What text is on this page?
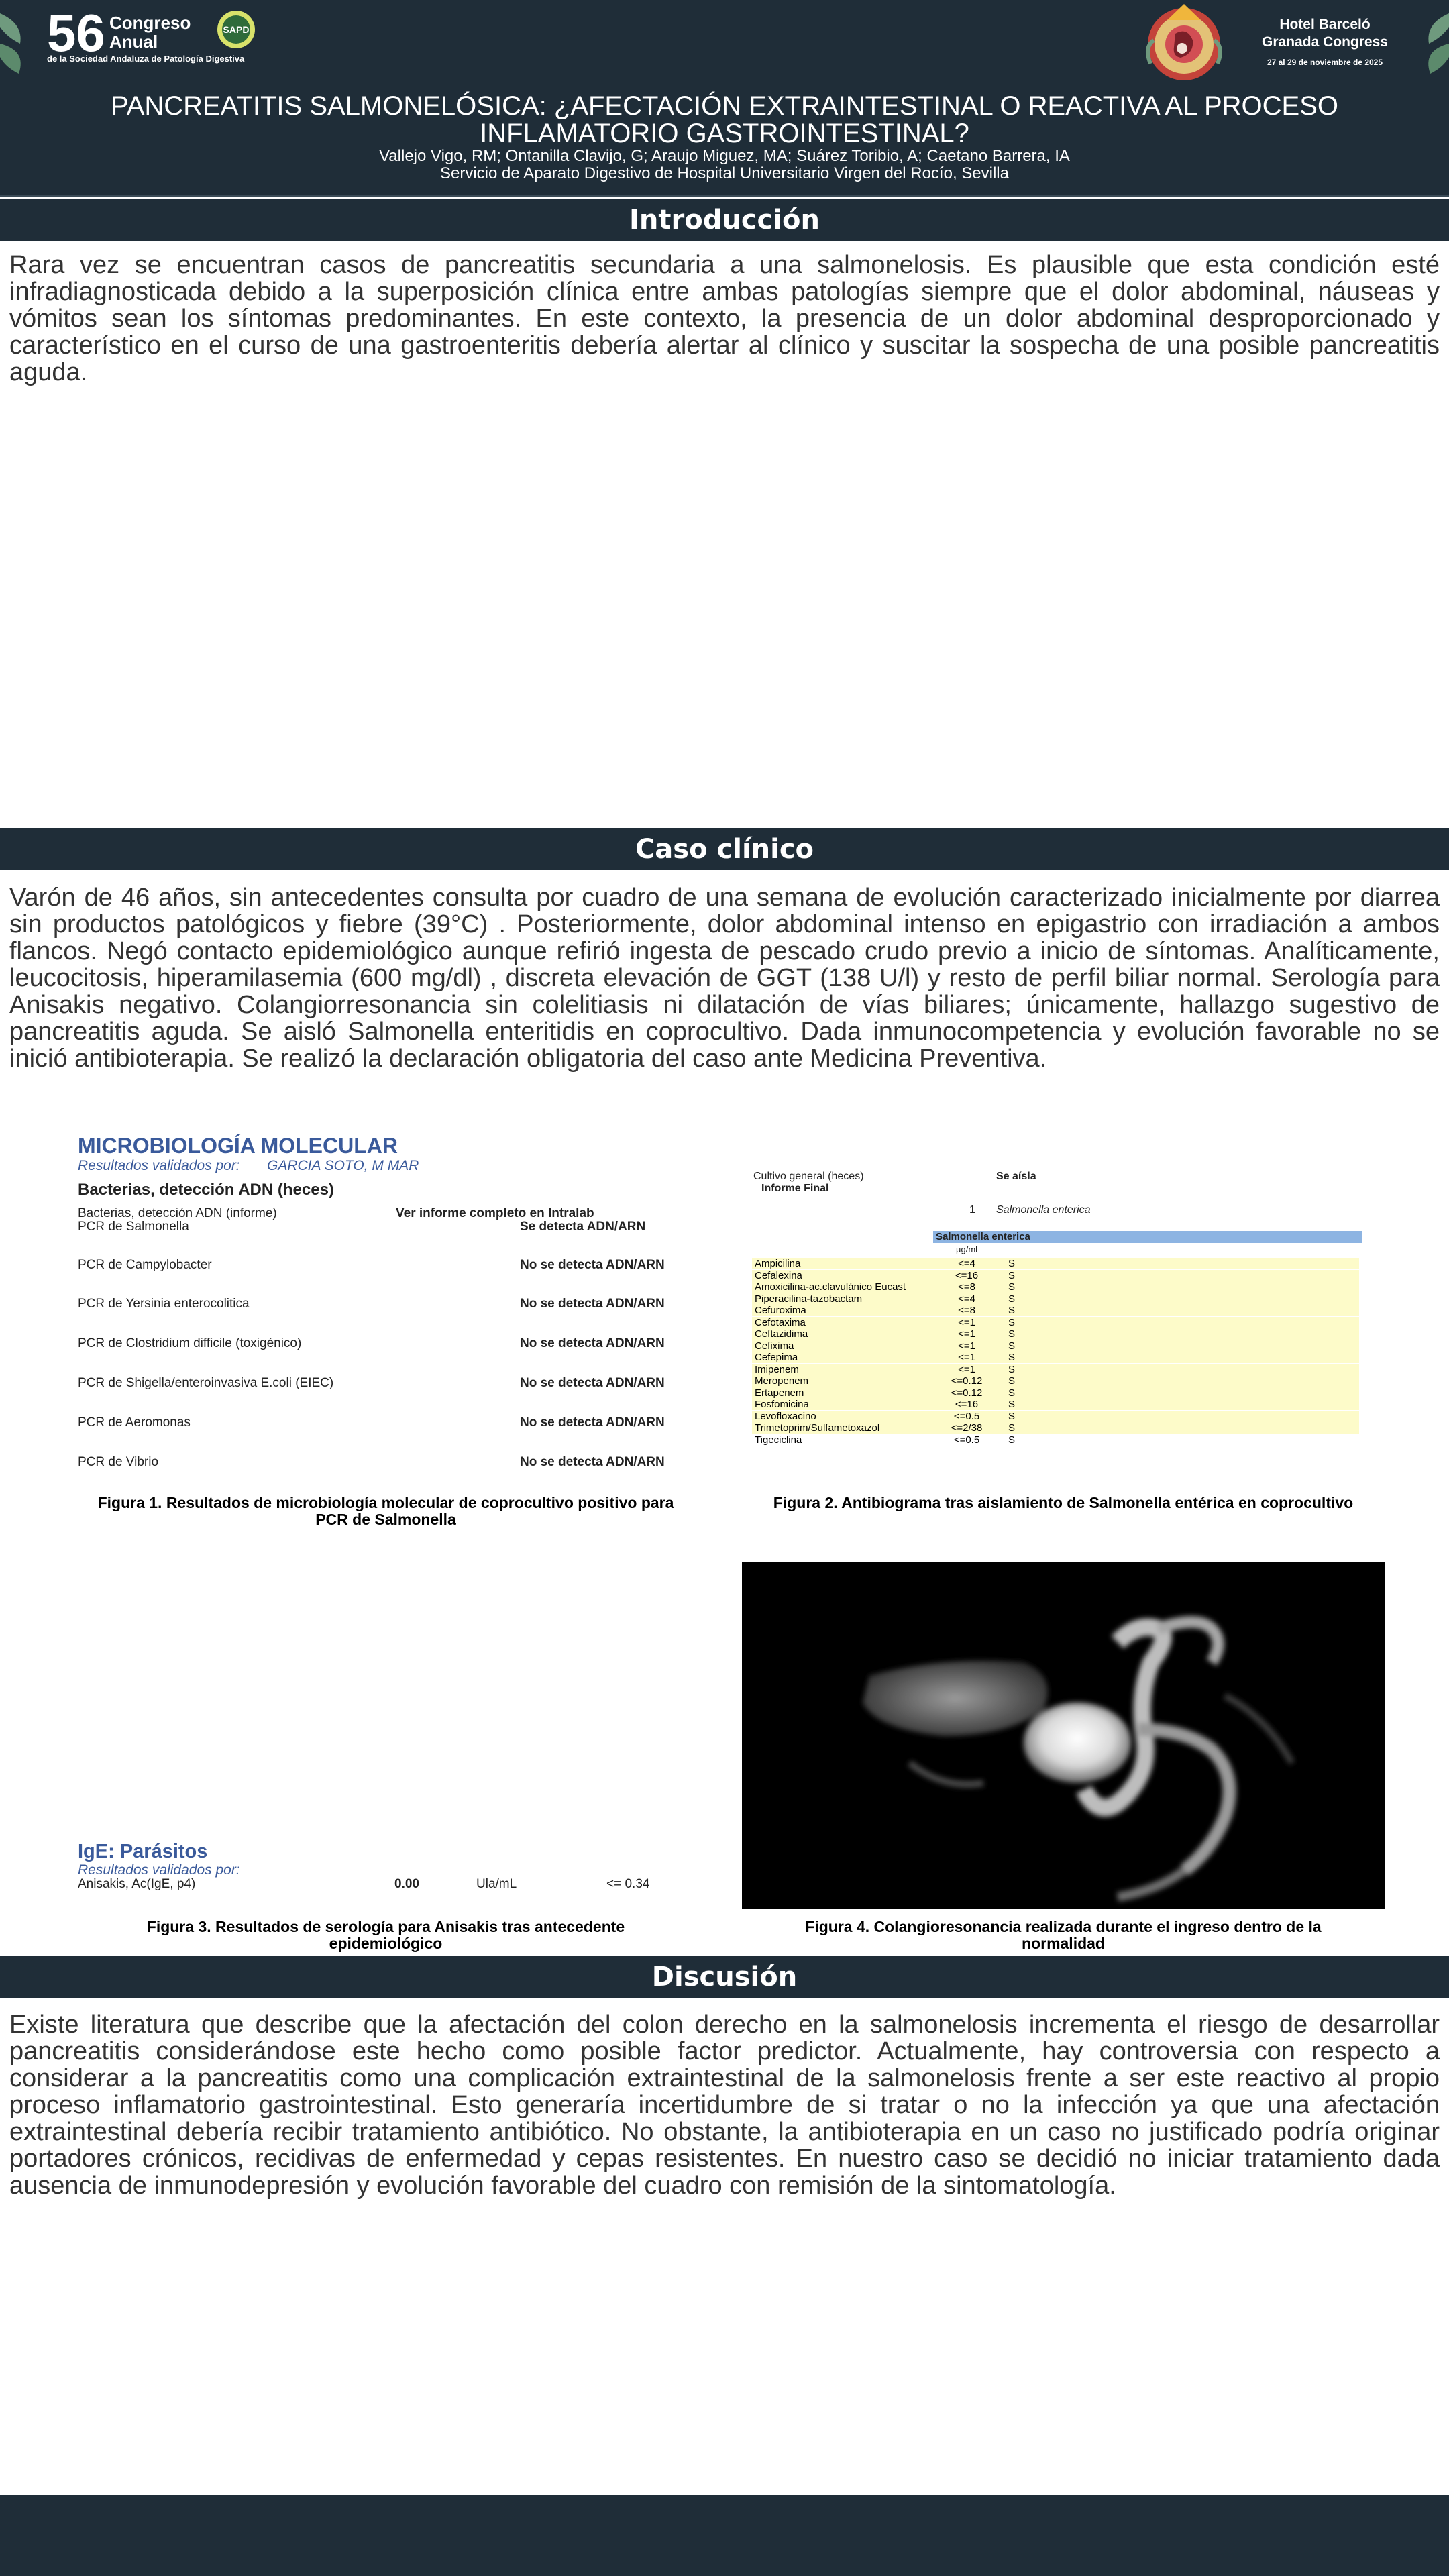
56 Congreso
Anual
de la Sociedad Andaluza de Patología Digestiva
SAPD	Hotel Barceló
Granada Congress
27 al 29 de noviembre de 2025
PANCREATITIS SALMONELÓSICA: ¿AFECTACIÓN EXTRAINTESTINAL O REACTIVA AL PROCESO INFLAMATORIO GASTROINTESTINAL?
Vallejo Vigo, RM; Ontanilla Clavijo, G; Araujo Miguez, MA; Suárez Toribio, A; Caetano Barrera, IA
Servicio de Aparato Digestivo de Hospital Universitario Virgen del Rocío, Sevilla
Introducción
Rara vez se encuentran casos de pancreatitis secundaria a una salmonelosis. Es plausible que esta condición esté infradiagnosticada debido a la superposición clínica entre ambas patologías siempre que el dolor abdominal, náuseas y vómitos sean los síntomas predominantes. En este contexto, la presencia de un dolor abdominal desproporcionado y característico en el curso de una gastroenteritis debería alertar al clínico y suscitar la sospecha de una posible pancreatitis aguda.
Caso clínico
Varón de 46 años, sin antecedentes consulta por cuadro de una semana de evolución caracterizado inicialmente por diarrea sin productos patológicos y fiebre (39°C) . Posteriormente, dolor abdominal intenso en epigastrio con irradiación a ambos flancos. Negó contacto epidemiológico aunque refirió ingesta de pescado crudo previo a inicio de síntomas. Analíticamente, leucocitosis, hiperamilasemia (600 mg/dl) , discreta elevación de GGT (138 U/l) y resto de perfil biliar normal. Serología para Anisakis negativo. Colangiorresonancia sin colelitiasis ni dilatación de vías biliares; únicamente, hallazgo sugestivo de pancreatitis aguda. Se aisló Salmonella enteritidis en coprocultivo. Dada inmunocompetencia y evolución favorable no se inició antibioterapia. Se realizó la declaración obligatoria del caso ante Medicina Preventiva.
MICROBIOLOGÍA MOLECULAR
Resultados validados por: GARCIA SOTO, M MAR
Bacterias, detección ADN (heces)
Bacterias, detección ADN (informe)	Ver informe completo en Intralab
PCR de Salmonella	Se detecta ADN/ARN
PCR de Campylobacter	No se detecta ADN/ARN
PCR de Yersinia enterocolitica	No se detecta ADN/ARN
PCR de Clostridium difficile (toxigénico)	No se detecta ADN/ARN
PCR de Shigella/enteroinvasiva E.coli (EIEC)	No se detecta ADN/ARN
PCR de Aeromonas	No se detecta ADN/ARN
PCR de Vibrio	No se detecta ADN/ARN
Figura 1. Resultados de microbiología molecular de coprocultivo positivo para PCR de Salmonella
Cultivo general (heces)	Se aísla
Informe Final
1 Salmonella enterica
Salmonella enterica
µg/ml
Ampicilina	<=4	S
Cefalexina	<=16	S
Amoxicilina-ac.clavulánico Eucast	<=8	S
Piperacilina-tazobactam	<=4	S
Cefuroxima	<=8	S
Cefotaxima	<=1	S
Ceftazidima	<=1	S
Cefixima	<=1	S
Cefepima	<=1	S
Imipenem	<=1	S
Meropenem	<=0.12	S
Ertapenem	<=0.12	S
Fosfomicina	<=16	S
Levofloxacino	<=0.5	S
Trimetoprim/Sulfametoxazol	<=2/38	S
Tigeciclina	<=0.5	S
Figura 2. Antibiograma tras aislamiento de Salmonella entérica en coprocultivo
IgE: Parásitos
Resultados validados por:
Anisakis, Ac(IgE, p4)	0.00	Ula/mL	<= 0.34
Figura 3. Resultados de serología para Anisakis tras antecedente epidemiológico
Figura 4. Colangioresonancia realizada durante el ingreso dentro de la normalidad
Discusión
Existe literatura que describe que la afectación del colon derecho en la salmonelosis incrementa el riesgo de desarrollar pancreatitis considerándose este hecho como posible factor predictor. Actualmente, hay controversia con respecto a considerar a la pancreatitis como una complicación extraintestinal de la salmonelosis frente a ser este reactivo al propio proceso inflamatorio gastrointestinal. Esto generaría incertidumbre de si tratar o no la infección ya que una afectación extraintestinal debería recibir tratamiento antibiótico. No obstante, la antibioterapia en un caso no justificado podría originar portadores crónicos, recidivas de enfermedad y cepas resistentes. En nuestro caso se decidió no iniciar tratamiento dada ausencia de inmunodepresión y evolución favorable del cuadro con remisión de la sintomatología.
